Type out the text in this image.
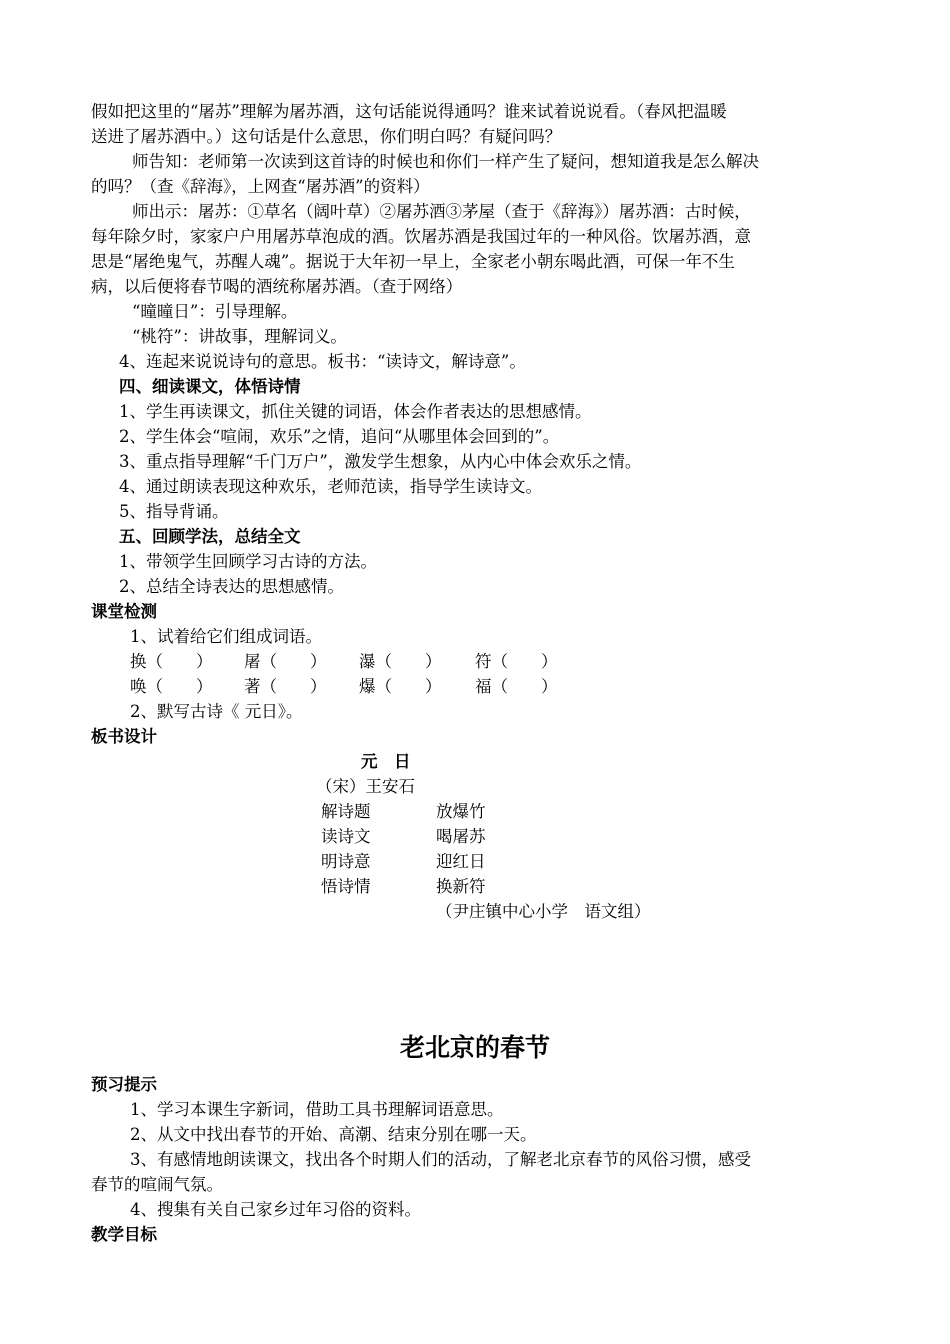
假如把这里的“屠苏”理解为屠苏酒，这句话能说得通吗？谁来试着说说看。（春风把温暖
送进了屠苏酒中。）这句话是什么意思，你们明白吗？有疑问吗？
师告知：老师第一次读到这首诗的时候也和你们一样产生了疑问，想知道我是怎么解决
的吗？（查《辞海》，上网查“屠苏酒”的资料）
师出示：屠苏：①草名（阔叶草）②屠苏酒③茅屋（查于《辞海》）屠苏酒：古时候，
每年除夕时，家家户户用屠苏草泡成的酒。饮屠苏酒是我国过年的一种风俗。饮屠苏酒，意
思是“屠绝鬼气，苏醒人魂”。据说于大年初一早上，全家老小朝东喝此酒，可保一年不生
病，以后便将春节喝的酒统称屠苏酒。（查于网络）
“曈曈日”：引导理解。
“桃符”：讲故事，理解词义。
4、连起来说说诗句的意思。板书：“读诗文，解诗意”。
四、细读课文，体悟诗情
1、学生再读课文，抓住关键的词语，体会作者表达的思想感情。
2、学生体会“喧闹，欢乐”之情，追问“从哪里体会回到的”。
3、重点指导理解“千门万户”，激发学生想象，从内心中体会欢乐之情。
4、通过朗读表现这种欢乐，老师范读，指导学生读诗文。
5、指导背诵。
五、回顾学法，总结全文
1、带领学生回顾学习古诗的方法。
2、总结全诗表达的思想感情。
课堂检测
1、试着给它们组成词语。
换（　　） 屠（　　） 瀑（　　） 符（　　）
唤（　　） 著（　　） 爆（　　） 福（　　）
2、默写古诗《 元日》。
板书设计
元　日
（宋）王安石
解诗题	放爆竹
读诗文	喝屠苏
明诗意	迎红日
悟诗情	换新符
（尹庄镇中心小学　语文组）
老北京的春节
预习提示
1、学习本课生字新词，借助工具书理解词语意思。
2、从文中找出春节的开始、高潮、结束分别在哪一天。
3、有感情地朗读课文，找出各个时期人们的活动，了解老北京春节的风俗习惯，感受
春节的喧闹气氛。
4、搜集有关自己家乡过年习俗的资料。
教学目标
